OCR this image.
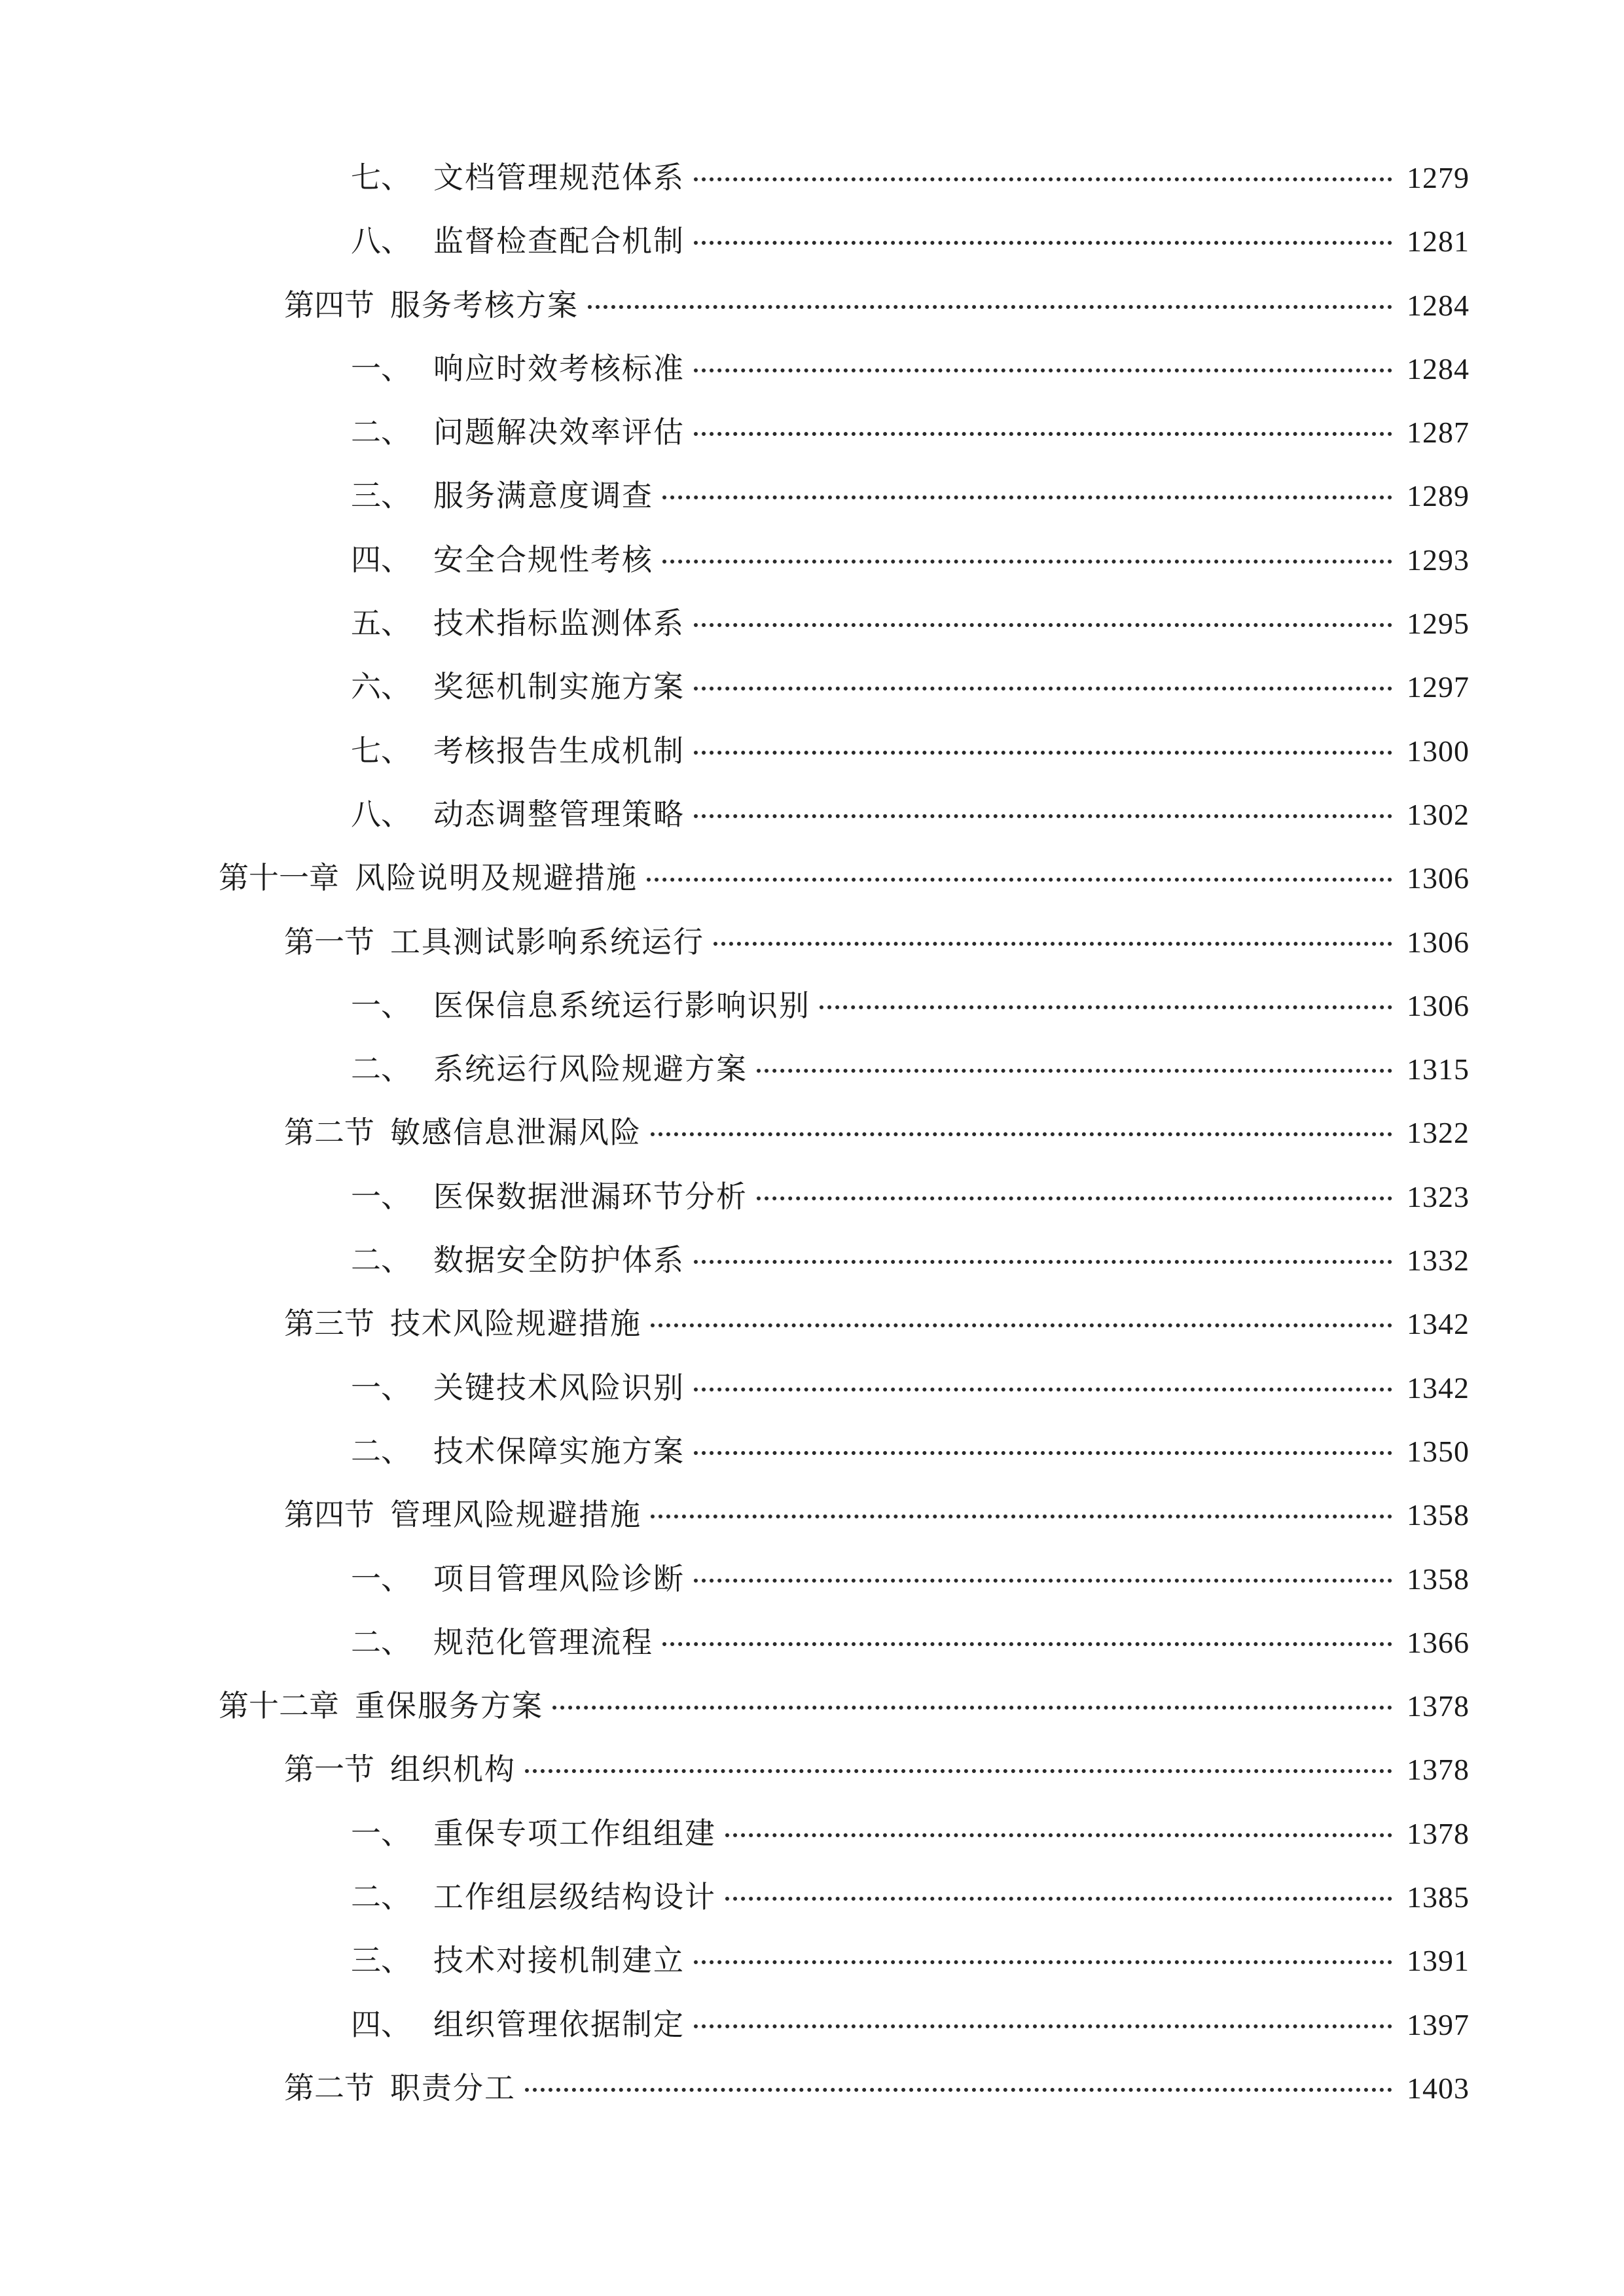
七、 文档管理规范体系	1279
八、 监督检查配合机制	1281
第四节 服务考核方案	1284
一、 响应时效考核标准	1284
二、 问题解决效率评估	1287
三、 服务满意度调查	1289
四、 安全合规性考核	1293
五、 技术指标监测体系	1295
六、 奖惩机制实施方案	1297
七、 考核报告生成机制	1300
八、 动态调整管理策略	1302
第十一章 风险说明及规避措施	1306
第一节 工具测试影响系统运行	1306
一、 医保信息系统运行影响识别	1306
二、 系统运行风险规避方案	1315
第二节 敏感信息泄漏风险	1322
一、 医保数据泄漏环节分析	1323
二、 数据安全防护体系	1332
第三节 技术风险规避措施	1342
一、 关键技术风险识别	1342
二、 技术保障实施方案	1350
第四节 管理风险规避措施	1358
一、 项目管理风险诊断	1358
二、 规范化管理流程	1366
第十二章 重保服务方案	1378
第一节 组织机构	1378
一、 重保专项工作组组建	1378
二、 工作组层级结构设计	1385
三、 技术对接机制建立	1391
四、 组织管理依据制定	1397
第二节 职责分工	1403
